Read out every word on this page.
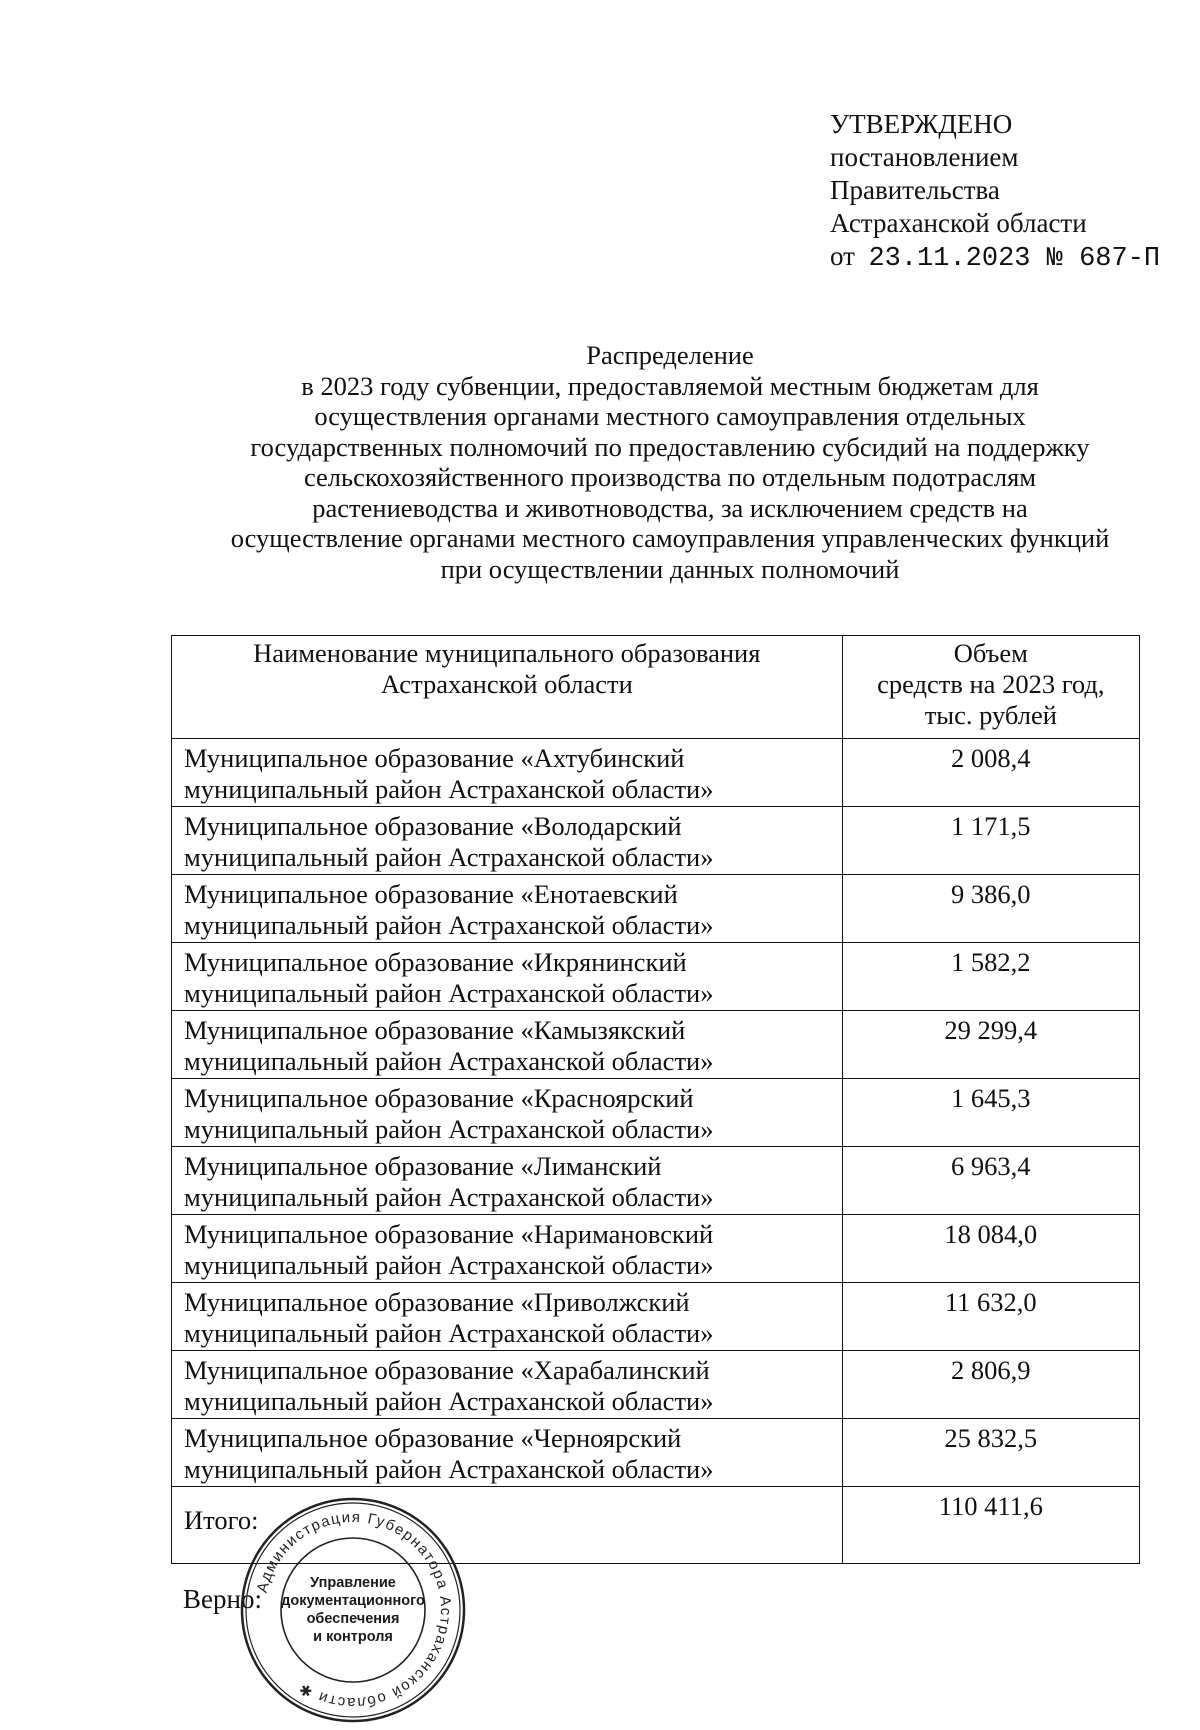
УТВЕРЖДЕНО
постановлением
Правительства
Астраханской области
от 23.11.2023 № 687-П
Распределение
в 2023 году субвенции, предоставляемой местным бюджетам для
осуществления органами местного самоуправления отдельных
государственных полномочий по предоставлению субсидий на поддержку
сельскохозяйственного производства по отдельным подотраслям
растениеводства и животноводства, за исключением средств на
осуществление органами местного самоуправления управленческих функций
при осуществлении данных полномочий
Наименование муниципального образования
Астраханской области	Объем
средств на 2023 год,
тыс. рублей

Муниципальное образование «Ахтубинский
муниципальный район Астраханской области»	2 008,4

Муниципальное образование «Володарский
муниципальный район Астраханской области»	1 171,5

Муниципальное образование «Енотаевский
муниципальный район Астраханской области»	9 386,0

Муниципальное образование «Икрянинский
муниципальный район Астраханской области»	1 582,2

Муниципальное образование «Камызякский
муниципальный район Астраханской области»	29 299,4

Муниципальное образование «Красноярский
муниципальный район Астраханской области»	1 645,3

Муниципальное образование «Лиманский
муниципальный район Астраханской области»	6 963,4

Муниципальное образование «Наримановский
муниципальный район Астраханской области»	18 084,0

Муниципальное образование «Приволжский
муниципальный район Астраханской области»	11 632,0

Муниципальное образование «Харабалинский
муниципальный район Астраханской области»	2 806,9

Муниципальное образование «Черноярский
муниципальный район Астраханской области»	25 832,5
Итого:	110 411,6
Верно:
Администрация Губернатора Астраханской области ✱
Управление
документационного
обеспечения
и контроля
